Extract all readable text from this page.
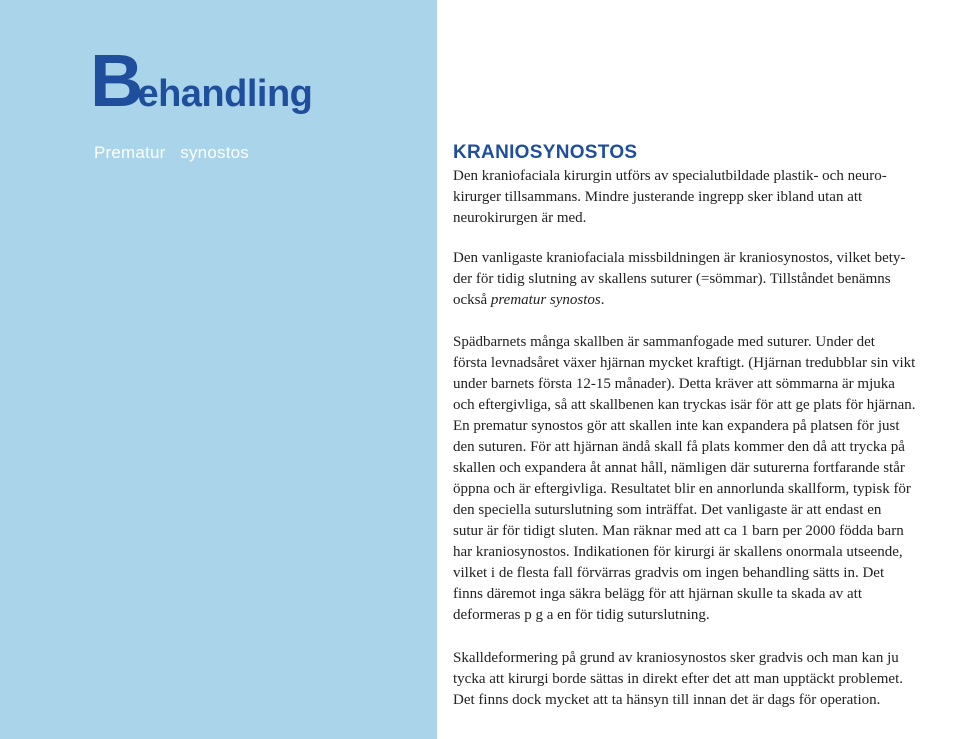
Behandling
Prematur   synostos	KRANIOSYNOSTOS

Den kraniofaciala kirurgin utförs av specialutbildade plastik- och neuro-
kirurger tillsammans. Mindre justerande ingrepp sker ibland utan att
neurokirurgen är med.

Den vanligaste kraniofaciala missbildningen är kraniosynostos, vilket bety-
der för tidig slutning av skallens suturer (=sömmar). Tillståndet benämns
också prematur synostos.

Spädbarnets många skallben är sammanfogade med suturer. Under det
första levnadsåret växer hjärnan mycket kraftigt. (Hjärnan tredubblar sin vikt
under barnets första 12-15 månader). Detta kräver att sömmarna är mjuka
och eftergivliga, så att skallbenen kan tryckas isär för att ge plats för hjärnan.
En prematur synostos gör att skallen inte kan expandera på platsen för just
den suturen. För att hjärnan ändå skall få plats kommer den då att trycka på
skallen och expandera åt annat håll, nämligen där suturerna fortfarande står
öppna och är eftergivliga. Resultatet blir en annorlunda skallform, typisk för
den speciella suturslutning som inträffat. Det vanligaste är att endast en
sutur är för tidigt sluten. Man räknar med att ca 1 barn per 2000 födda barn
har kraniosynostos. Indikationen för kirurgi är skallens onormala utseende,
vilket i de flesta fall förvärras gradvis om ingen behandling sätts in. Det
finns däremot inga säkra belägg för att hjärnan skulle ta skada av att
deformeras p g a en för tidig suturslutning.

Skalldeformering på grund av kraniosynostos sker gradvis och man kan ju
tycka att kirurgi borde sättas in direkt efter det att man upptäckt problemet.
Det finns dock mycket att ta hänsyn till innan det är dags för operation.
